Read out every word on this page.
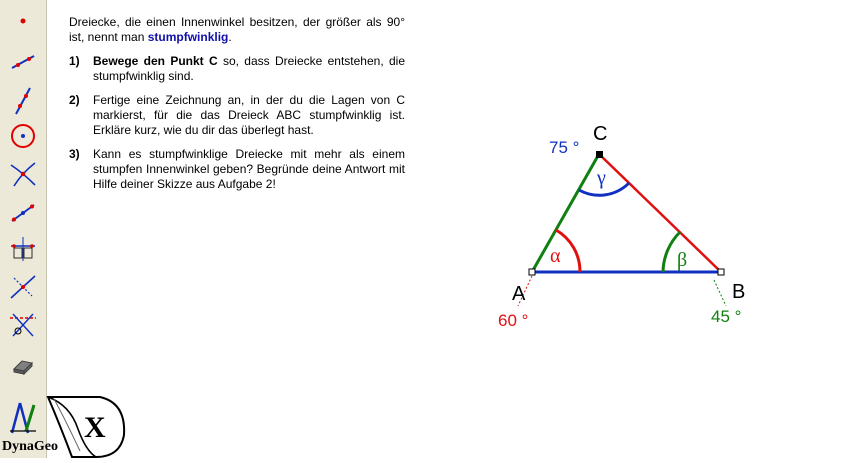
X
DynaGeo

Dreiecke, die einen Innenwinkel besitzen, der größer als 90° ist, nennt man stumpfwinklig.

1)	Bewege den Punkt C so, dass Dreiecke entstehen, die stumpfwinklig sind.
2)	Fertige eine Zeichnung an, in der du die Lagen von C markierst, für die das Dreieck ABC stumpfwinklig ist. Erkläre kurz, wie du dir das überlegt hast.
3)	Kann es stumpfwinklige Dreiecke mit mehr als einem stumpfen Innenwinkel geben? Begründe deine Antwort mit Hilfe deiner Skizze aus Aufgabe 2!
A	B
C
α	β
γ
60 °	45 °
75 °
